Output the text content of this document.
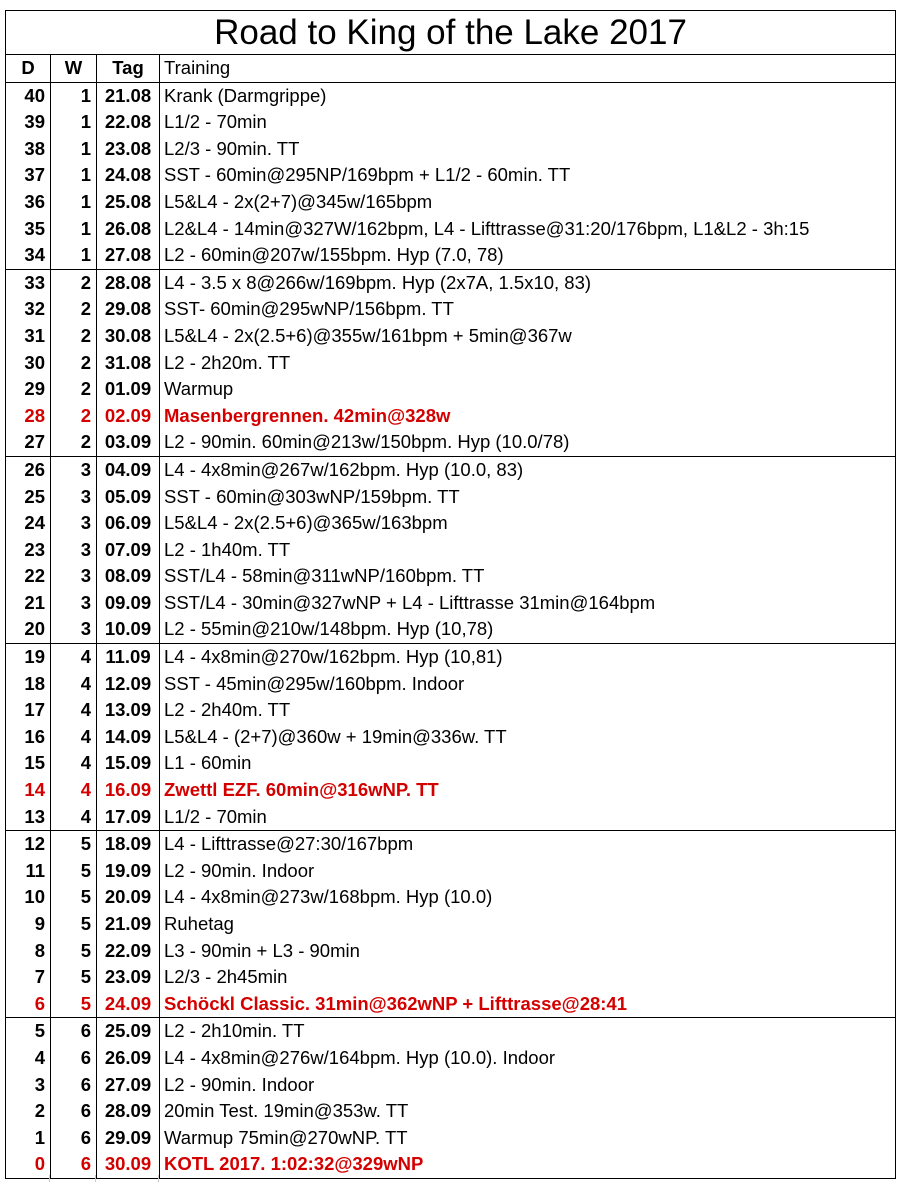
Road to King of the Lake 2017			
D	W	Tag	Training
40	1	21.08	Krank (Darmgrippe)
39	1	22.08	L1/2 - 70min
38	1	23.08	L2/3 - 90min. TT
37	1	24.08	SST - 60min@295NP/169bpm + L1/2 - 60min. TT
36	1	25.08	L5&L4 - 2x(2+7)@345w/165bpm
35	1	26.08	L2&L4 - 14min@327W/162bpm, L4 - Lifttrasse@31:20/176bpm, L1&L2 - 3h:15
34	1	27.08	L2 - 60min@207w/155bpm. Hyp (7.0, 78)
33	2	28.08	L4 - 3.5 x 8@266w/169bpm. Hyp (2x7A, 1.5x10, 83)
32	2	29.08	SST- 60min@295wNP/156bpm. TT
31	2	30.08	L5&L4 - 2x(2.5+6)@355w/161bpm + 5min@367w
30	2	31.08	L2 - 2h20m. TT
29	2	01.09	Warmup
28	2	02.09	Masenbergrennen. 42min@328w
27	2	03.09	L2 - 90min. 60min@213w/150bpm. Hyp (10.0/78)
26	3	04.09	L4 - 4x8min@267w/162bpm. Hyp (10.0, 83)
25	3	05.09	SST - 60min@303wNP/159bpm. TT
24	3	06.09	L5&L4 - 2x(2.5+6)@365w/163bpm
23	3	07.09	L2 - 1h40m. TT
22	3	08.09	SST/L4 - 58min@311wNP/160bpm. TT
21	3	09.09	SST/L4 - 30min@327wNP + L4 - Lifttrasse 31min@164bpm
20	3	10.09	L2 - 55min@210w/148bpm. Hyp (10,78)
19	4	11.09	L4 - 4x8min@270w/162bpm. Hyp (10,81)
18	4	12.09	SST - 45min@295w/160bpm. Indoor
17	4	13.09	L2 - 2h40m. TT
16	4	14.09	L5&L4 - (2+7)@360w + 19min@336w. TT
15	4	15.09	L1 - 60min
14	4	16.09	Zwettl EZF. 60min@316wNP. TT
13	4	17.09	L1/2 - 70min
12	5	18.09	L4 - Lifttrasse@27:30/167bpm
11	5	19.09	L2 - 90min. Indoor
10	5	20.09	L4 - 4x8min@273w/168bpm. Hyp (10.0)
9	5	21.09	Ruhetag
8	5	22.09	L3 - 90min + L3 - 90min
7	5	23.09	L2/3 - 2h45min
6	5	24.09	Schöckl Classic. 31min@362wNP + Lifttrasse@28:41
5	6	25.09	L2 - 2h10min. TT
4	6	26.09	L4 - 4x8min@276w/164bpm. Hyp (10.0). Indoor
3	6	27.09	L2 - 90min. Indoor
2	6	28.09	20min Test. 19min@353w. TT
1	6	29.09	Warmup 75min@270wNP. TT
0	6	30.09	KOTL 2017. 1:02:32@329wNP
